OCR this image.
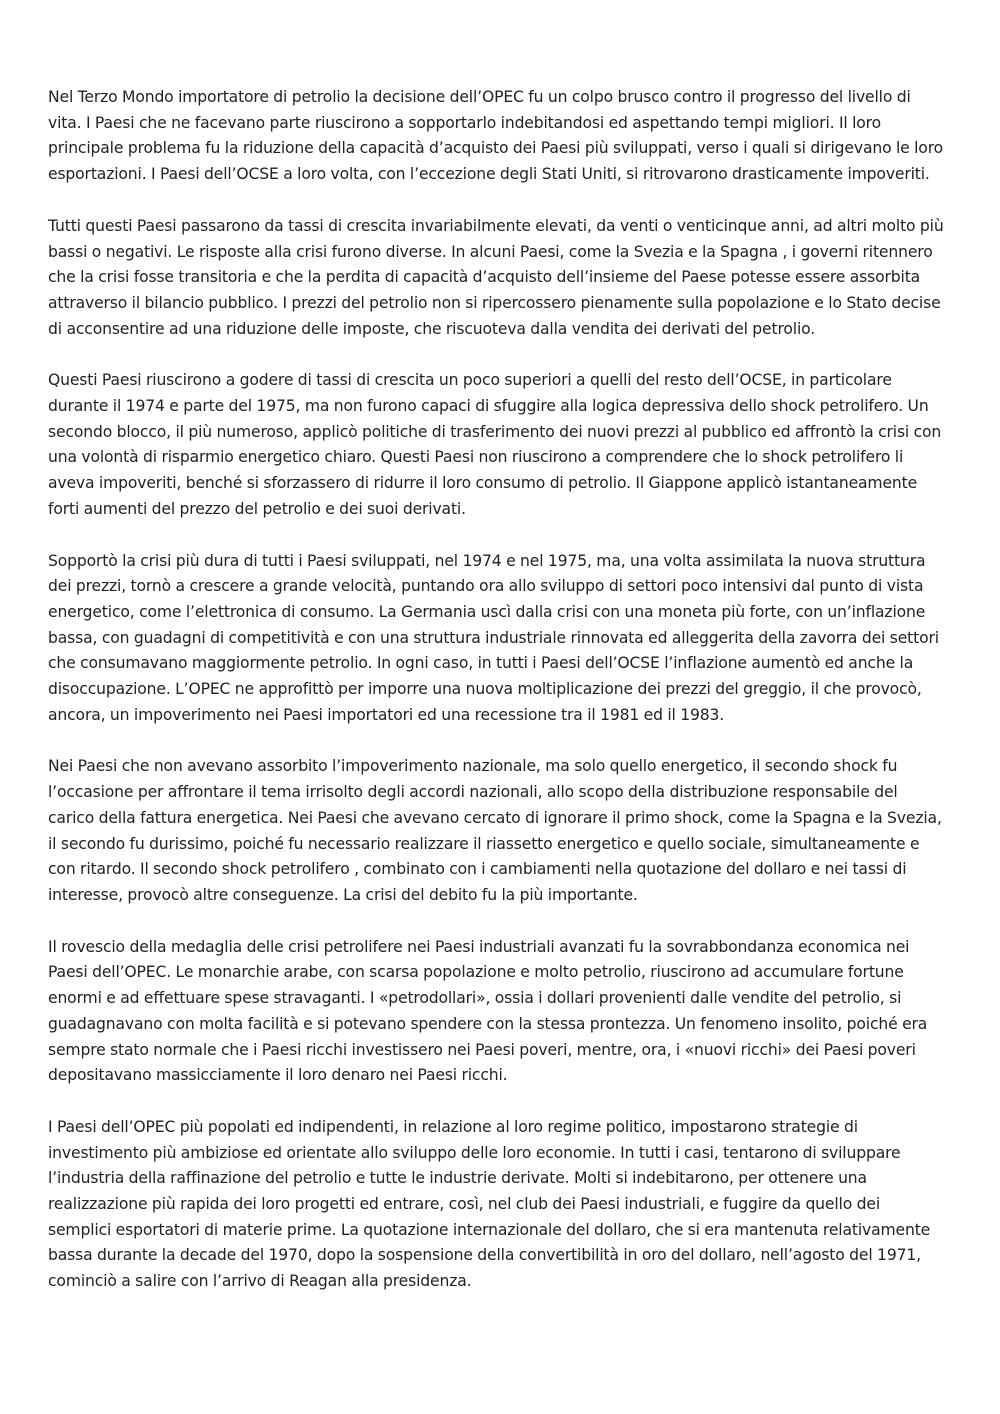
Nel Terzo Mondo importatore di petrolio la decisione dell’OPEC fu un colpo brusco contro il progresso del livello di vita. I Paesi che ne facevano parte riuscirono a sopportarlo indebitandosi ed aspettando tempi migliori. Il loro principale problema fu la riduzione della capacità d’acquisto dei Paesi più sviluppati, verso i quali si dirigevano le loro esportazioni. I Paesi dell’OCSE a loro volta, con l’eccezione degli Stati Uniti, si ritrovarono drasticamente impoveriti.

Tutti questi Paesi passarono da tassi di crescita invariabilmente elevati, da venti o venticinque anni, ad altri molto più bassi o negativi. Le risposte alla crisi furono diverse. In alcuni Paesi, come la Svezia e la Spagna , i governi ritennero che la crisi fosse transitoria e che la perdita di capacità d’acquisto dell’insieme del Paese potesse essere assorbita attraverso il bilancio pubblico. I prezzi del petrolio non si ripercossero pienamente sulla popolazione e lo Stato decise di acconsentire ad una riduzione delle imposte, che riscuoteva dalla vendita dei derivati del petrolio.

Questi Paesi riuscirono a godere di tassi di crescita un poco superiori a quelli del resto dell’OCSE, in particolare durante il 1974 e parte del 1975, ma non furono capaci di sfuggire alla logica depressiva dello shock petrolifero. Un secondo blocco, il più numeroso, applicò politiche di trasferimento dei nuovi prezzi al pubblico ed affrontò la crisi con una volontà di risparmio energetico chiaro. Questi Paesi non riuscirono a comprendere che lo shock petrolifero li aveva impoveriti, benché si sforzassero di ridurre il loro consumo di petrolio. Il Giappone applicò istantaneamente forti aumenti del prezzo del petrolio e dei suoi derivati.

Sopportò la crisi più dura di tutti i Paesi sviluppati, nel 1974 e nel 1975, ma, una volta assimilata la nuova struttura dei prezzi, tornò a crescere a grande velocità, puntando ora allo sviluppo di settori poco intensivi dal punto di vista energetico, come l’elettronica di consumo. La Germania uscì dalla crisi con una moneta più forte, con un’inflazione bassa, con guadagni di competitività e con una struttura industriale rinnovata ed alleggerita della zavorra dei settori che consumavano maggiormente petrolio. In ogni caso, in tutti i Paesi dell’OCSE l’inflazione aumentò ed anche la disoccupazione. L’OPEC ne approfittò per imporre una nuova moltiplicazione dei prezzi del greggio, il che provocò, ancora, un impoverimento nei Paesi importatori ed una recessione tra il 1981 ed il 1983.

Nei Paesi che non avevano assorbito l’impoverimento nazionale, ma solo quello energetico, il secondo shock fu l’occasione per affrontare il tema irrisolto degli accordi nazionali, allo scopo della distribuzione responsabile del carico della fattura energetica. Nei Paesi che avevano cercato di ignorare il primo shock, come la Spagna e la Svezia, il secondo fu durissimo, poiché fu necessario realizzare il riassetto energetico e quello sociale, simultaneamente e con ritardo. Il secondo shock petrolifero , combinato con i cambiamenti nella quotazione del dollaro e nei tassi di interesse, provocò altre conseguenze. La crisi del debito fu la più importante.

Il rovescio della medaglia delle crisi petrolifere nei Paesi industriali avanzati fu la sovrabbondanza economica nei Paesi dell’OPEC. Le monarchie arabe, con scarsa popolazione e molto petrolio, riuscirono ad accumulare fortune enormi e ad effettuare spese stravaganti. I «petrodollari», ossia i dollari provenienti dalle vendite del petrolio, si guadagnavano con molta facilità e si potevano spendere con la stessa prontezza. Un fenomeno insolito, poiché era sempre stato normale che i Paesi ricchi investissero nei Paesi poveri, mentre, ora, i «nuovi ricchi» dei Paesi poveri depositavano massicciamente il loro denaro nei Paesi ricchi.

I Paesi dell’OPEC più popolati ed indipendenti, in relazione al loro regime politico, impostarono strategie di investimento più ambiziose ed orientate allo sviluppo delle loro economie. In tutti i casi, tentarono di sviluppare l’industria della raffinazione del petrolio e tutte le industrie derivate. Molti si indebitarono, per ottenere una realizzazione più rapida dei loro progetti ed entrare, così, nel club dei Paesi industriali, e fuggire da quello dei semplici esportatori di materie prime. La quotazione internazionale del dollaro, che si era mantenuta relativamente bassa durante la decade del 1970, dopo la sospensione della convertibilità in oro del dollaro, nell’agosto del 1971, cominciò a salire con l’arrivo di Reagan alla presidenza.
